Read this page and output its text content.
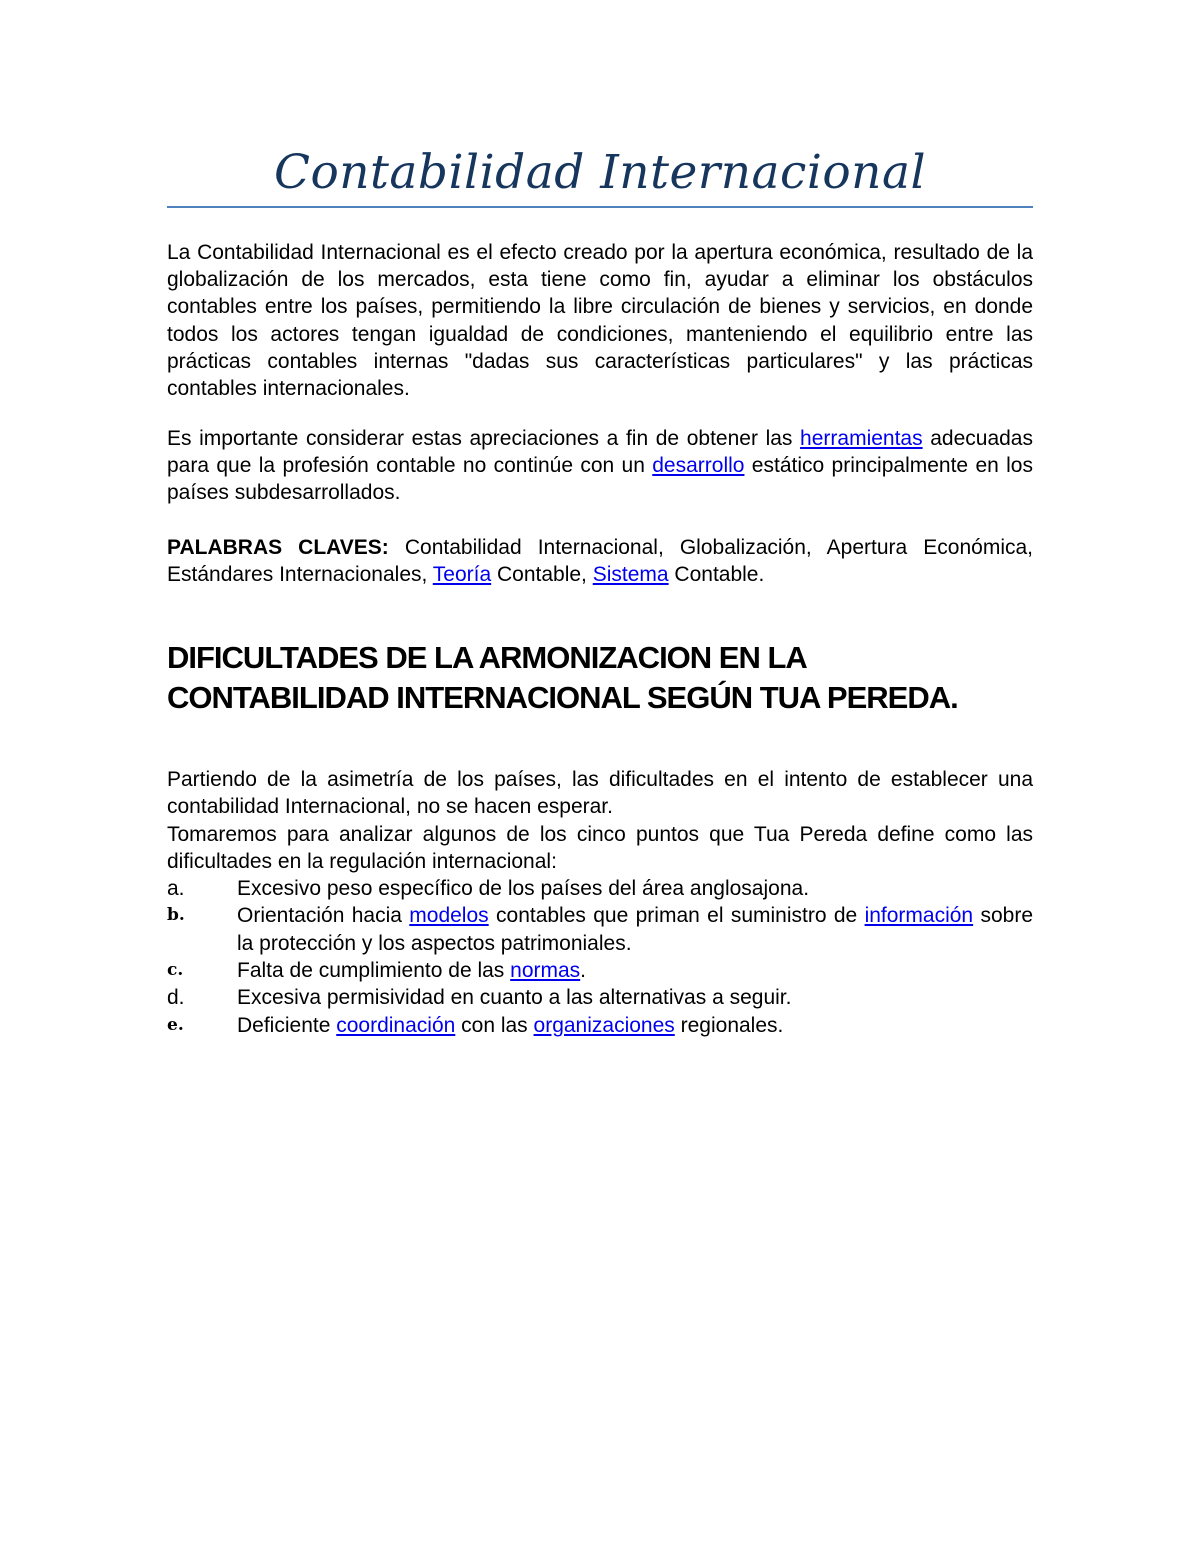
Contabilidad Internacional

La Contabilidad Internacional es el efecto creado por la apertura económica, resultado de la globalización de los mercados, esta tiene como fin, ayudar a eliminar los obstáculos contables entre los países, permitiendo la libre circulación de bienes y servicios, en donde todos los actores tengan igualdad de condiciones, manteniendo el equilibrio entre las prácticas contables internas "dadas sus características particulares" y las prácticas contables internacionales.

Es importante considerar estas apreciaciones a fin de obtener las herramientas adecuadas para que la profesión contable no continúe con un desarrollo estático principalmente en los países subdesarrollados.

PALABRAS CLAVES: Contabilidad Internacional, Globalización, Apertura Económica, Estándares Internacionales, Teoría Contable, Sistema Contable.

DIFICULTADES DE LA ARMONIZACION EN LA CONTABILIDAD INTERNACIONAL SEGÚN TUA PEREDA.

Partiendo de la asimetría de los países, las dificultades en el intento de establecer una contabilidad Internacional, no se hacen esperar.

Tomaremos para analizar algunos de los cinco puntos que Tua Pereda define como las dificultades en la regulación internacional:

a. Excesivo peso específico de los países del área anglosajona.
b. Orientación hacia modelos contables que priman el suministro de información sobre la protección y los aspectos patrimoniales.
c.	Falta de cumplimiento de las normas.
d. Excesiva permisividad en cuanto a las alternativas a seguir.
e.	Deficiente coordinación con las organizaciones regionales.
